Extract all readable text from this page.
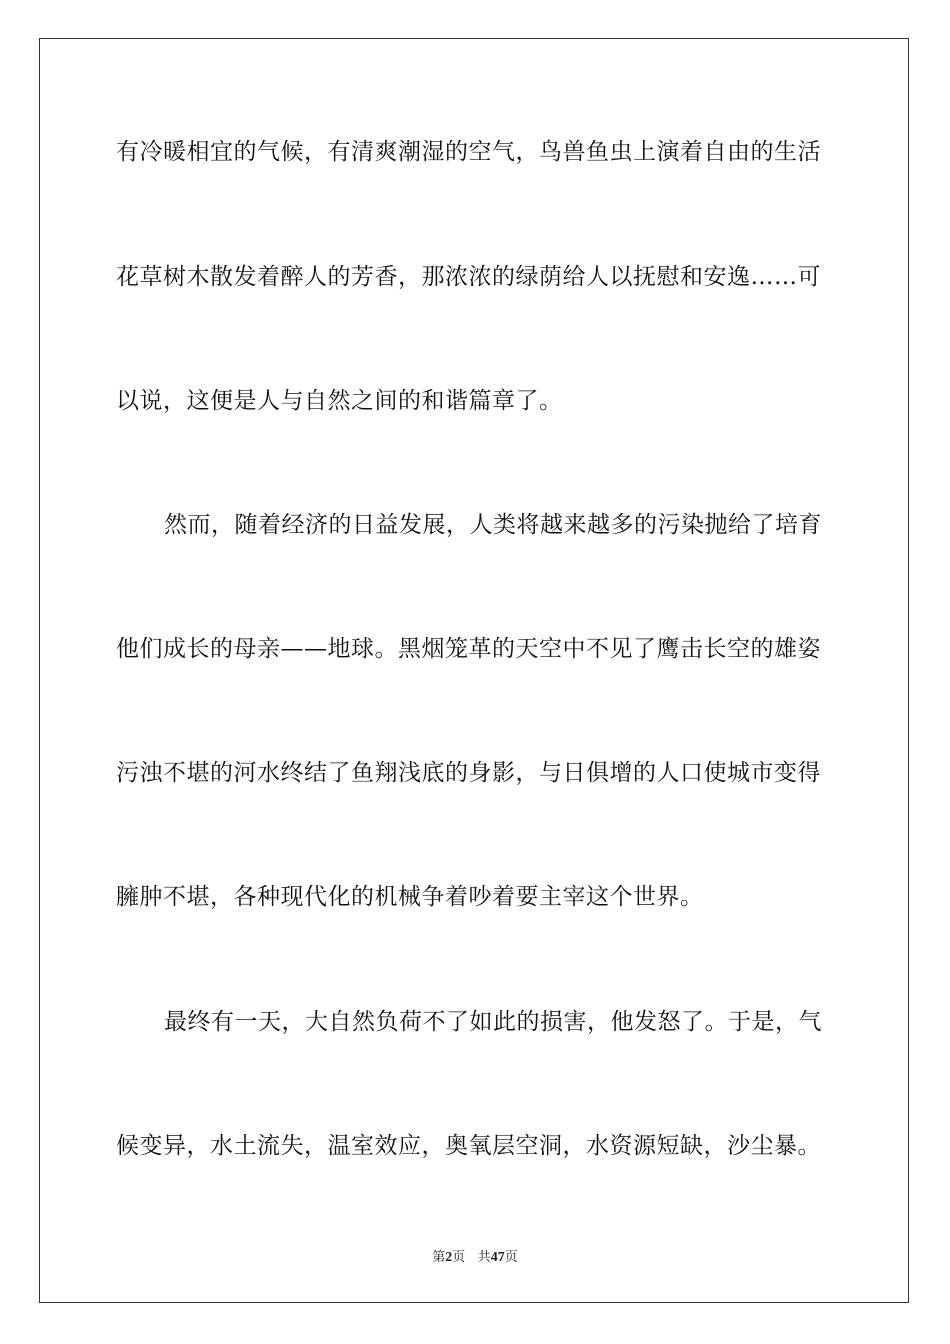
有冷暖相宜的气候，有清爽潮湿的空气，鸟兽鱼虫上演着自由的生活
花草树木散发着醉人的芳香，那浓浓的绿荫给人以抚慰和安逸……可
以说，这便是人与自然之间的和谐篇章了。
然而，随着经济的日益发展，人类将越来越多的污染抛给了培育
他们成长的母亲——地球。黑烟笼革的天空中不见了鹰击长空的雄姿
污浊不堪的河水终结了鱼翔浅底的身影，与日俱增的人口使城市变得
臃肿不堪，各种现代化的机械争着吵着要主宰这个世界。
最终有一天，大自然负荷不了如此的损害，他发怒了。于是，气
候变异，水土流失，温室效应，奥氧层空洞，水资源短缺，沙尘暴。
第2页 共47页
